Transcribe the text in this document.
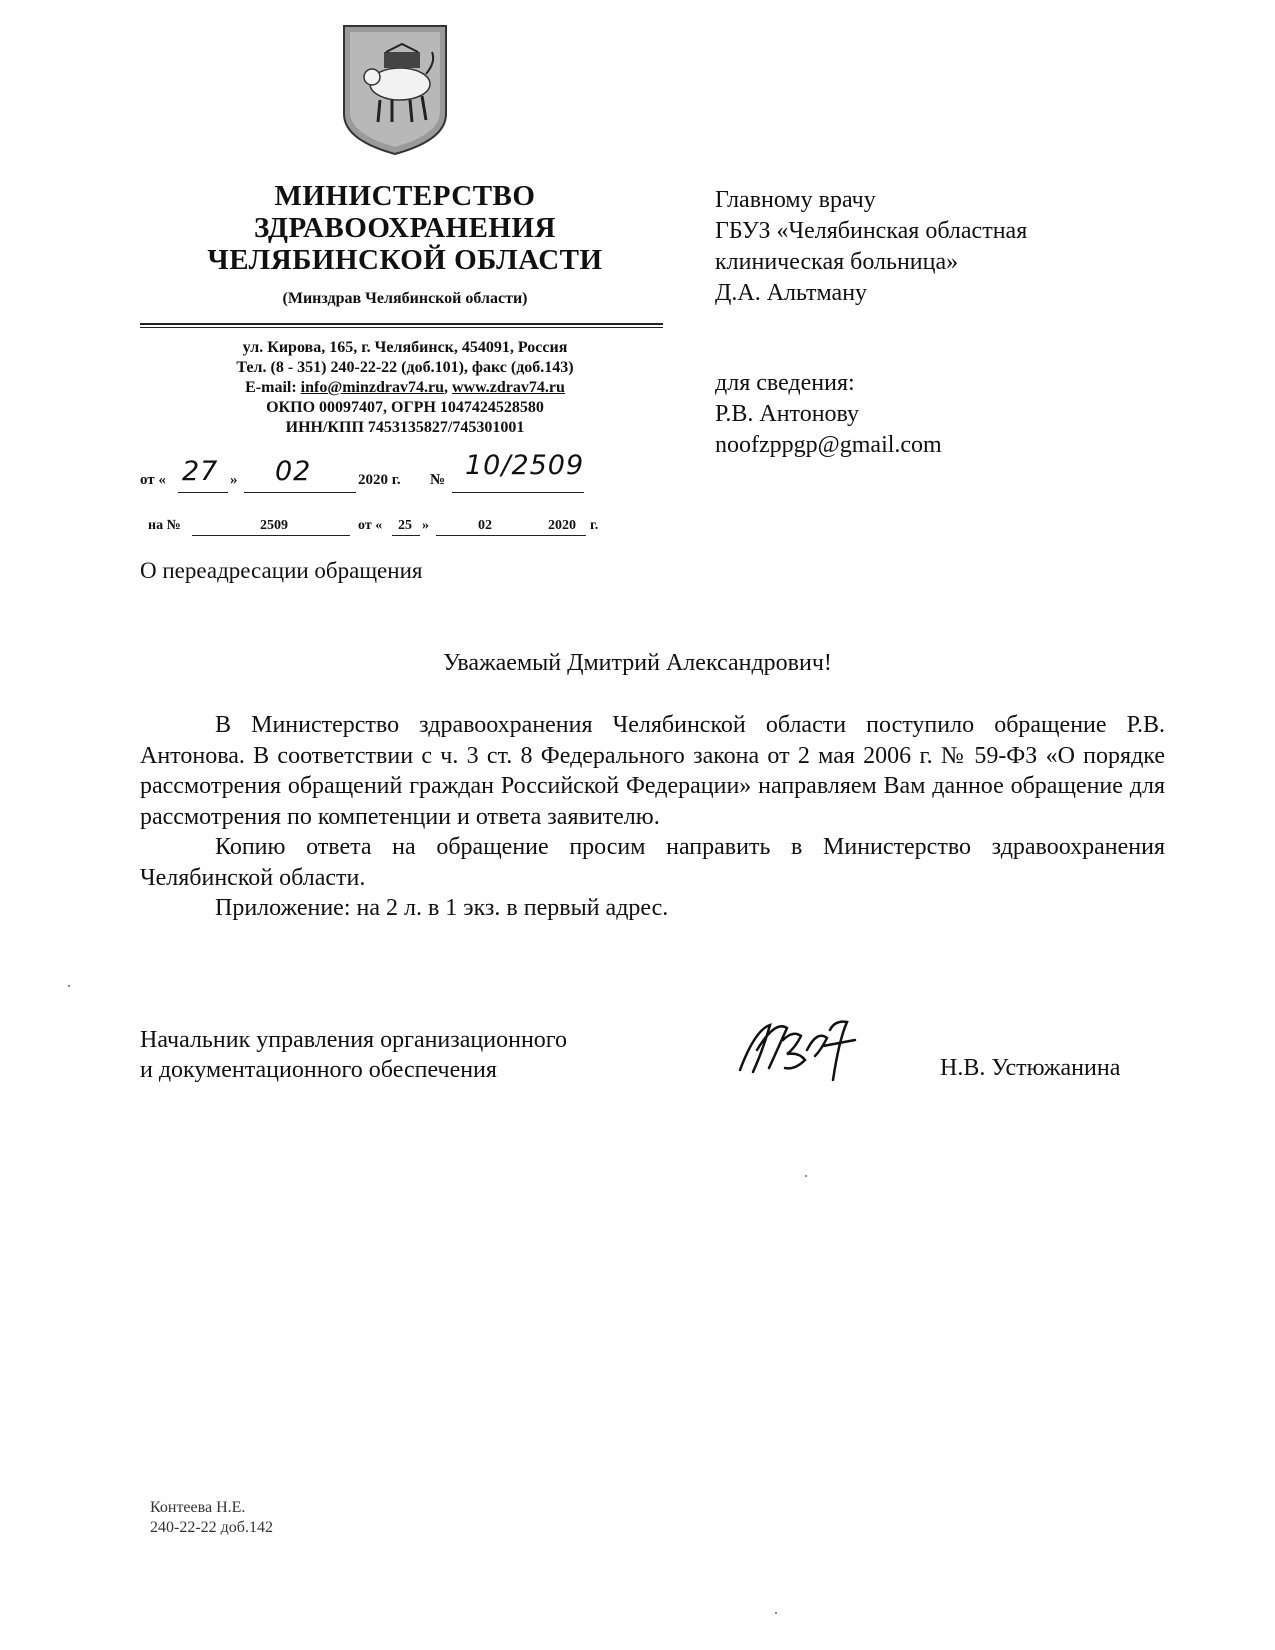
МИНИСТЕРСТВО
ЗДРАВООХРАНЕНИЯ
ЧЕЛЯБИНСКОЙ ОБЛАСТИ
(Минздрав Челябинской области)
ул. Кирова, 165, г. Челябинск, 454091, Россия
Тел. (8 - 351) 240-22-22 (доб.101), факс (доб.143)
E-mail: info@minzdrav74.ru, www.zdrav74.ru
ОКПО 00097407, ОГРН 1047424528580
ИНН/КПП 7453135827/745301001
от « 27 » 02	2020 г. № 10/2509
на №	2509	от « 25 »	02	2020 г.
О переадресации обращения
Главному врачу
ГБУЗ «Челябинская областная
клиническая больница»
Д.А. Альтману
для сведения:
Р.В. Антонову
noofzppgp@gmail.com
Уважаемый Дмитрий Александрович!

В Министерство здравоохранения Челябинской области поступило обращение Р.В. Антонова. В соответствии с ч. 3 ст. 8 Федерального закона от 2 мая 2006 г. № 59-ФЗ «О порядке рассмотрения обращений граждан Российской Федерации» направляем Вам данное обращение для рассмотрения по компетенции и ответа заявителю.

Копию ответа на обращение просим направить в Министерство здравоохранения Челябинской области.

Приложение: на 2 л. в 1 экз. в первый адрес.

Начальник управления организационного
и документационного обеспечения	Н.В. Устюжанина
Контеева Н.Е.
240-22-22 доб.142
